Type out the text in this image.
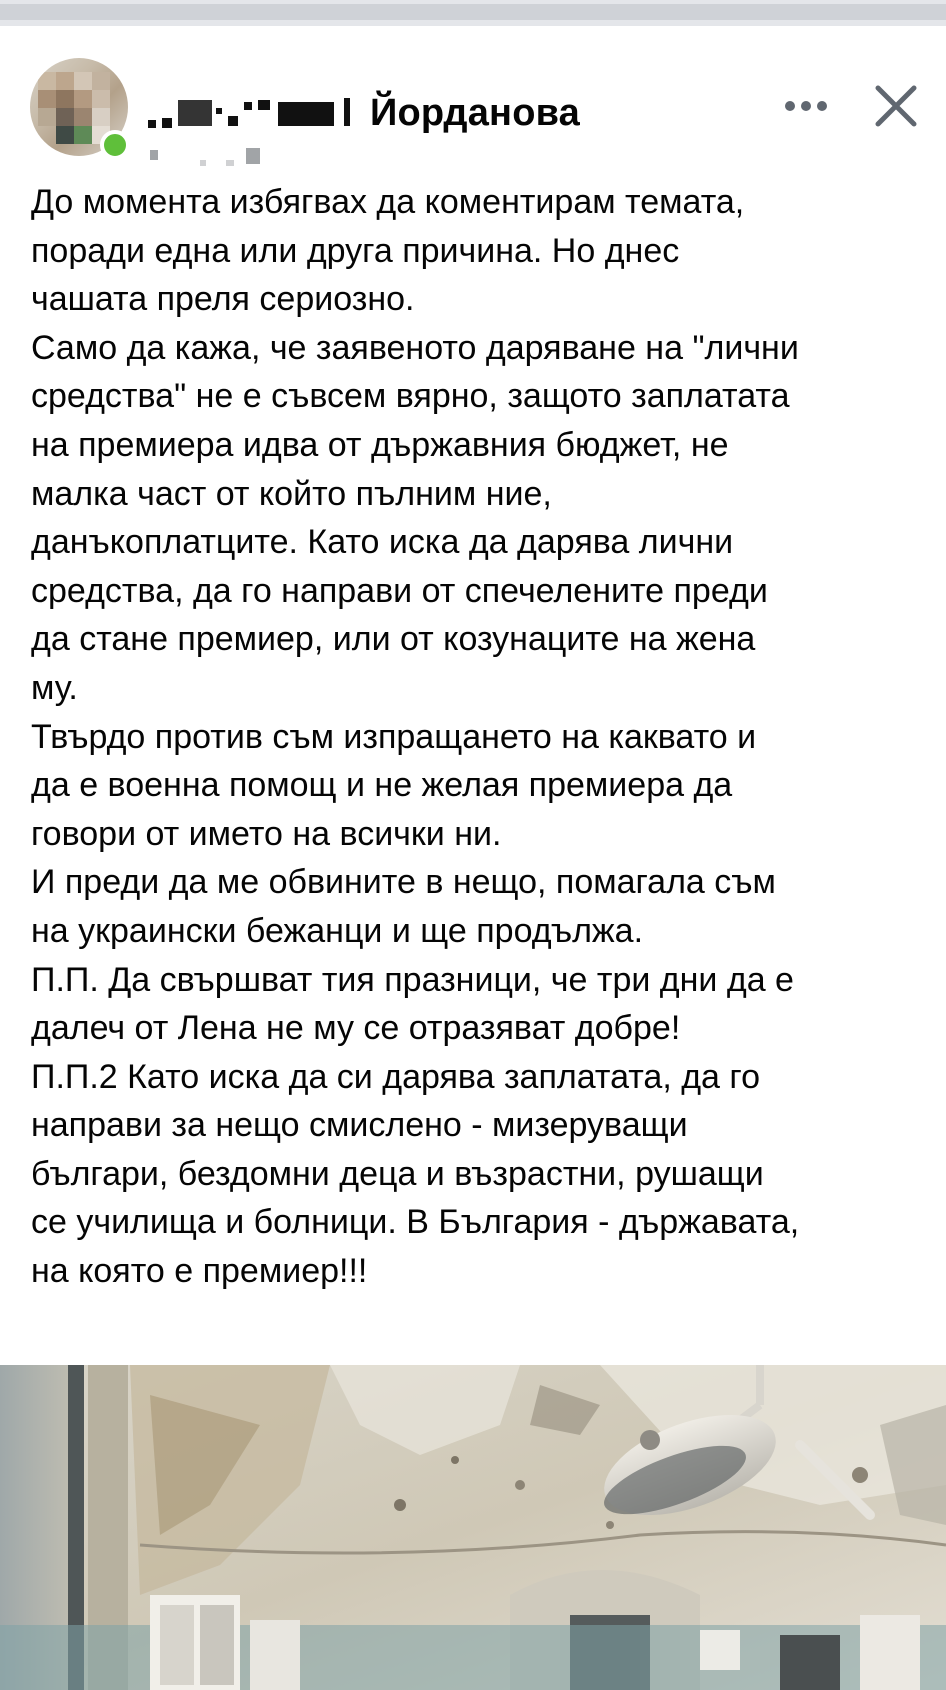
Йорданова
До момента избягвах да коментирам темата,
поради една или друга причина. Но днес
чашата преля сериозно.
Само да кажа, че заявеното даряване на "лични
средства" не е съвсем вярно, защото заплатата
на премиера идва от държавния бюджет, не
малка част от който пълним ние,
данъкоплатците. Като иска да дарява лични
средства, да го направи от спечелените преди
да стане премиер, или от козунаците на жена
му.
Твърдо против съм изпращането на каквато и
да е военна помощ и не желая премиера да
говори от името на всички ни.
И преди да ме обвините в нещо, помагала съм
на украински бежанци и ще продължа.
П.П. Да свършват тия празници, че три дни да е
далеч от Лена не му се отразяват добре!
П.П.2 Като иска да си дарява заплатата, да го
направи за нещо смислено - мизеруващи
българи, бездомни деца и възрастни, рушащи
се училища и болници. В България - държавата,
на която е премиер!!!
